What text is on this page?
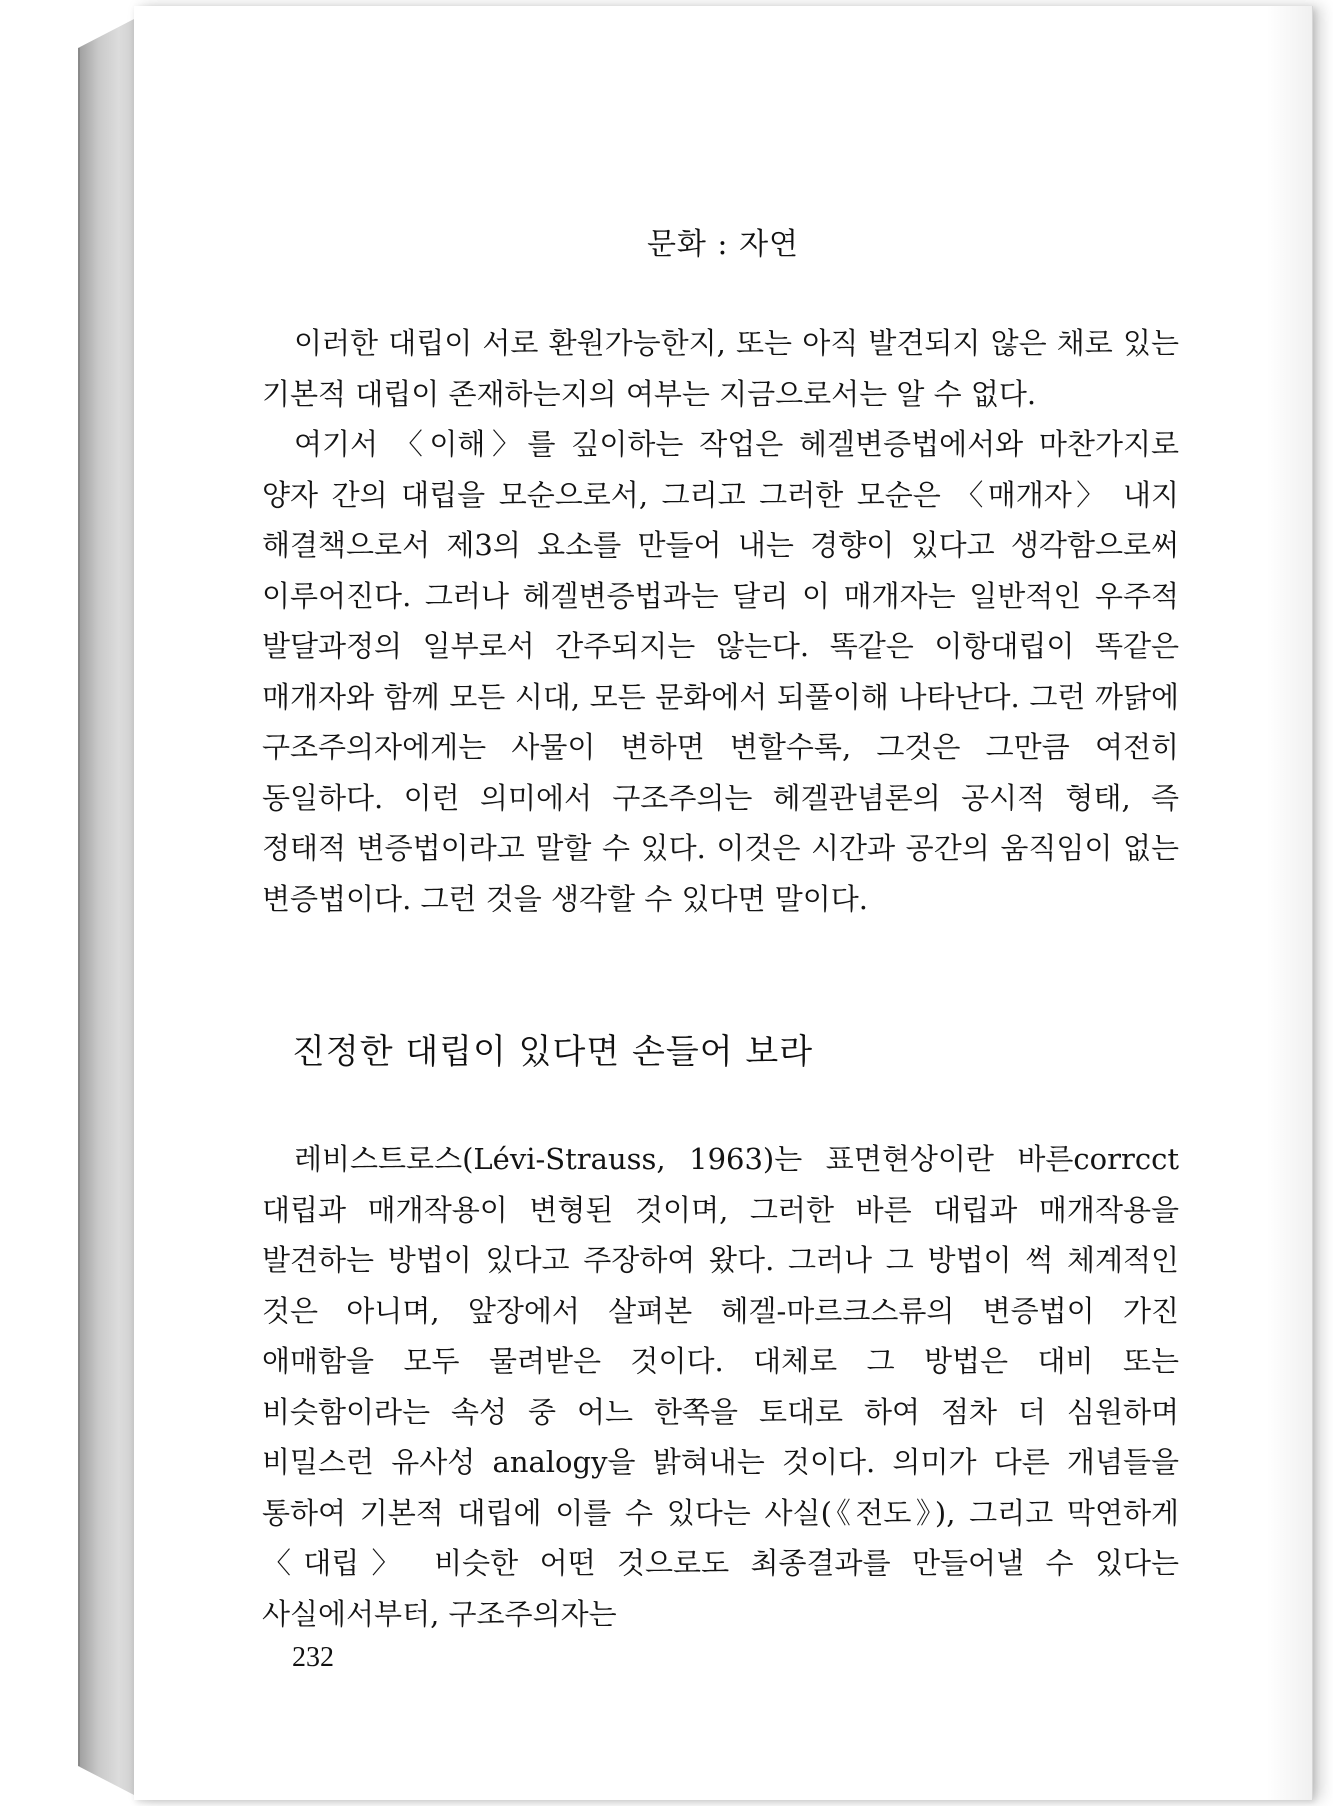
문화 : 자연

이러한 대립이 서로 환원가능한지, 또는 아직 발견되지 않은 채로 있는 기본적 대립이 존재하는지의 여부는 지금으로서는 알 수 없다.

여기서 〈이해〉를 깊이하는 작업은 헤겔변증법에서와 마찬가지로 양자 간의 대립을 모순으로서, 그리고 그러한 모순은 〈매개자〉 내지 해결책으로서 제3의 요소를 만들어 내는 경향이 있다고 생각함으로써 이루어진다. 그러나 헤겔변증법과는 달리 이 매개자는 일반적인 우주적 발달과정의 일부로서 간주되지는 않는다. 똑같은 이항대립이 똑같은 매개자와 함께 모든 시대, 모든 문화에서 되풀이해 나타난다. 그런 까닭에 구조주의자에게는 사물이 변하면 변할수록, 그것은 그만큼 여전히 동일하다. 이런 의미에서 구조주의는 헤겔관념론의 공시적 형태, 즉 정태적 변증법이라고 말할 수 있다. 이것은 시간과 공간의 움직임이 없는 변증법이다. 그런 것을 생각할 수 있다면 말이다.

진정한 대립이 있다면 손들어 보라

레비스트로스(Lévi-Strauss, 1963)는 표면현상이란 바른corrcct 대립과 매개작용이 변형된 것이며, 그러한 바른 대립과 매개작용을 발견하는 방법이 있다고 주장하여 왔다. 그러나 그 방법이 썩 체계적인 것은 아니며, 앞장에서 살펴본 헤겔-마르크스류의 변증법이 가진 애매함을 모두 물려받은 것이다. 대체로 그 방법은 대비 또는 비슷함이라는 속성 중 어느 한쪽을 토대로 하여 점차 더 심원하며 비밀스런 유사성 analogy을 밝혀내는 것이다. 의미가 다른 개념들을 통하여 기본적 대립에 이를 수 있다는 사실(《전도》), 그리고 막연하게 〈대립〉 비슷한 어떤 것으로도 최종결과를 만들어낼 수 있다는 사실에서부터, 구조주의자는

232
